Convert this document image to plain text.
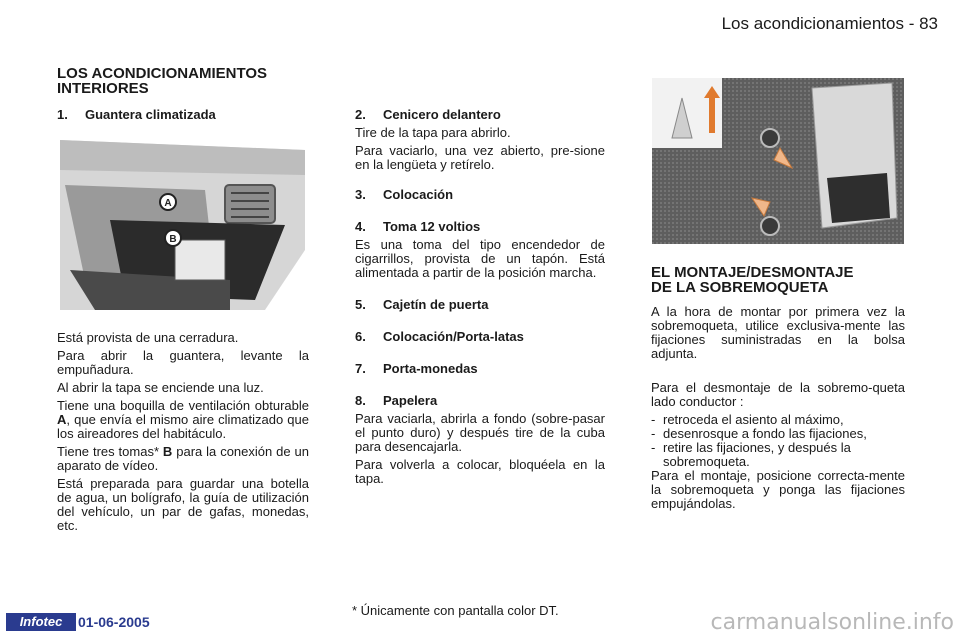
Los acondicionamientos - 83
LOS ACONDICIONAMIENTOS
INTERIORES

1. Guantera climatizada

A
B

Está provista de una cerradura.

Para abrir la guantera, levante la empuñadura.

Al abrir la tapa se enciende una luz.

Tiene una boquilla de ventilación obturable A, que envía el mismo aire climatizado que los aireadores del habitáculo.

Tiene tres tomas* B para la conexión de un aparato de vídeo.

Está preparada para guardar una botella de agua, un bolígrafo, la guía de utilización del vehículo, un par de gafas, monedas, etc.

2. Cenicero delantero

Tire de la tapa para abrirlo.

Para vaciarlo, una vez abierto, pre-sione en la lengüeta y retírelo.

3. Colocación

4. Toma 12 voltios

Es una toma del tipo encendedor de cigarrillos, provista de un tapón. Está alimentada a partir de la posición marcha.

5. Cajetín de puerta

6. Colocación/Porta-latas

7. Porta-monedas

8. Papelera

Para vaciarla, abrirla a fondo (sobre-pasar el punto duro) y después tire de la cuba para desencajarla.

Para volverla a colocar, bloquéela en la tapa.

EL MONTAJE/DESMONTAJE
DE LA SOBREMOQUETA

A la hora de montar por primera vez la sobremoqueta, utilice exclusiva-mente las fijaciones suministradas en la bolsa adjunta.

Para el desmontaje de la sobremo-queta lado conductor :

- retroceda el asiento al máximo,
- desenrosque a fondo las fijaciones,
- retire las fijaciones, y después la sobremoqueta.

Para el montaje, posicione correcta-mente la sobremoqueta y ponga las fijaciones empujándolas.

* Únicamente con pantalla color DT.
Infotec	01-06-2005	carmanualsonline.info
